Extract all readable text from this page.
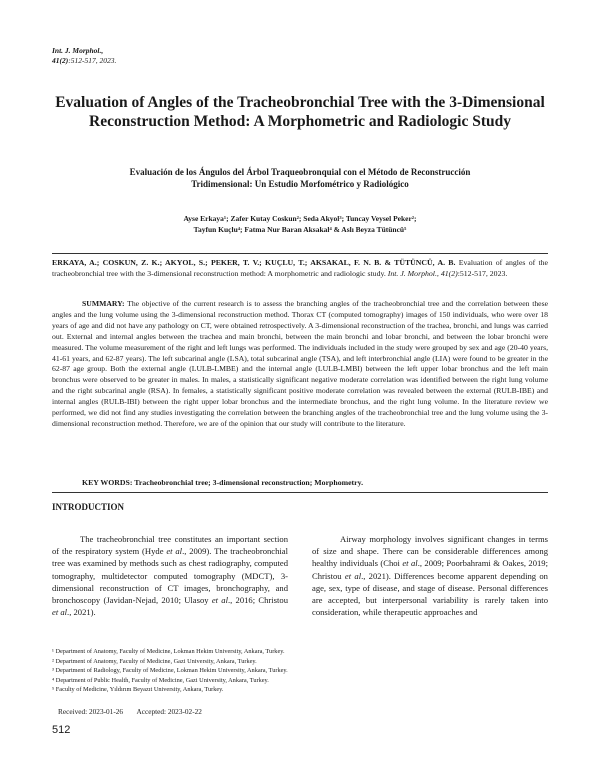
Int. J. Morphol.,
41(2):512-517, 2023.
Evaluation of Angles of the Tracheobronchial Tree with the 3-Dimensional Reconstruction Method: A Morphometric and Radiologic Study
Evaluación de los Ángulos del Árbol Traqueobronquial con el Método de Reconstrucción Tridimensional: Un Estudio Morfométrico y Radiológico
Ayse Erkaya¹; Zafer Kutay Coskun²; Seda Akyol³; Tuncay Veysel Peker²;
Tayfun Kuçlu⁴; Fatma Nur Baran Aksakal⁴ & Aslı Beyza Tütüncü⁵
ERKAYA, A.; COSKUN, Z. K.; AKYOL, S.; PEKER, T. V.; KUÇLU, T.; AKSAKAL, F. N. B. & TÜTÜNCÜ, A. B. Evaluation of angles of the tracheobronchial tree with the 3-dimensional reconstruction method: A morphometric and radiologic study. Int. J. Morphol., 41(2):512-517, 2023.
SUMMARY: The objective of the current research is to assess the branching angles of the tracheobronchial tree and the correlation between these angles and the lung volume using the 3-dimensional reconstruction method. Thorax CT (computed tomography) images of 150 individuals, who were over 18 years of age and did not have any pathology on CT, were obtained retrospectively. A 3-dimensional reconstruction of the trachea, bronchi, and lungs was carried out. External and internal angles between the trachea and main bronchi, between the main bronchi and lobar bronchi, and between the lobar bronchi were measured. The volume measurement of the right and left lungs was performed. The individuals included in the study were grouped by sex and age (20-40 years, 41-61 years, and 62-87 years). The left subcarinal angle (LSA), total subcarinal angle (TSA), and left interbronchial angle (LIA) were found to be greater in the 62-87 age group. Both the external angle (LULB-LMBE) and the internal angle (LULB-LMBI) between the left upper lobar bronchus and the left main bronchus were observed to be greater in males. In males, a statistically significant negative moderate correlation was identified between the right lung volume and the right subcarinal angle (RSA). In females, a statistically significant positive moderate correlation was revealed between the external (RULB-IBE) and internal angles (RULB-IBI) between the right upper lobar bronchus and the intermediate bronchus, and the right lung volume. In the literature review we performed, we did not find any studies investigating the correlation between the branching angles of the tracheobronchial tree and the lung volume using the 3-dimensional reconstruction method. Therefore, we are of the opinion that our study will contribute to the literature.
KEY WORDS: Tracheobronchial tree; 3-dimensional reconstruction; Morphometry.
INTRODUCTION
The tracheobronchial tree constitutes an important section of the respiratory system (Hyde et al., 2009). The tracheobronchial tree was examined by methods such as chest radiography, computed tomography, multidetector computed tomography (MDCT), 3-dimensional reconstruction of CT images, bronchography, and bronchoscopy (Javidan-Nejad, 2010; Ulasoy et al., 2016; Christou et al., 2021).
Airway morphology involves significant changes in terms of size and shape. There can be considerable differences among healthy individuals (Choi et al., 2009; Poorbahrami & Oakes, 2019; Christou et al., 2021). Differences become apparent depending on age, sex, type of disease, and stage of disease. Personal differences are accepted, but interpersonal variability is rarely taken into consideration, while therapeutic approaches and
¹ Department of Anatomy, Faculty of Medicine, Lokman Hekim University, Ankara, Turkey.
² Department of Anatomy, Faculty of Medicine, Gazi University, Ankara, Turkey.
³ Department of Radiology, Faculty of Medicine, Lokman Hekim University, Ankara, Turkey.
⁴ Department of Public Health, Faculty of Medicine, Gazi University, Ankara, Turkey.
⁵ Faculty of Medicine, Yıldırım Beyazıt University, Ankara, Turkey.
Received: 2023-01-26 Accepted: 2023-02-22
512
